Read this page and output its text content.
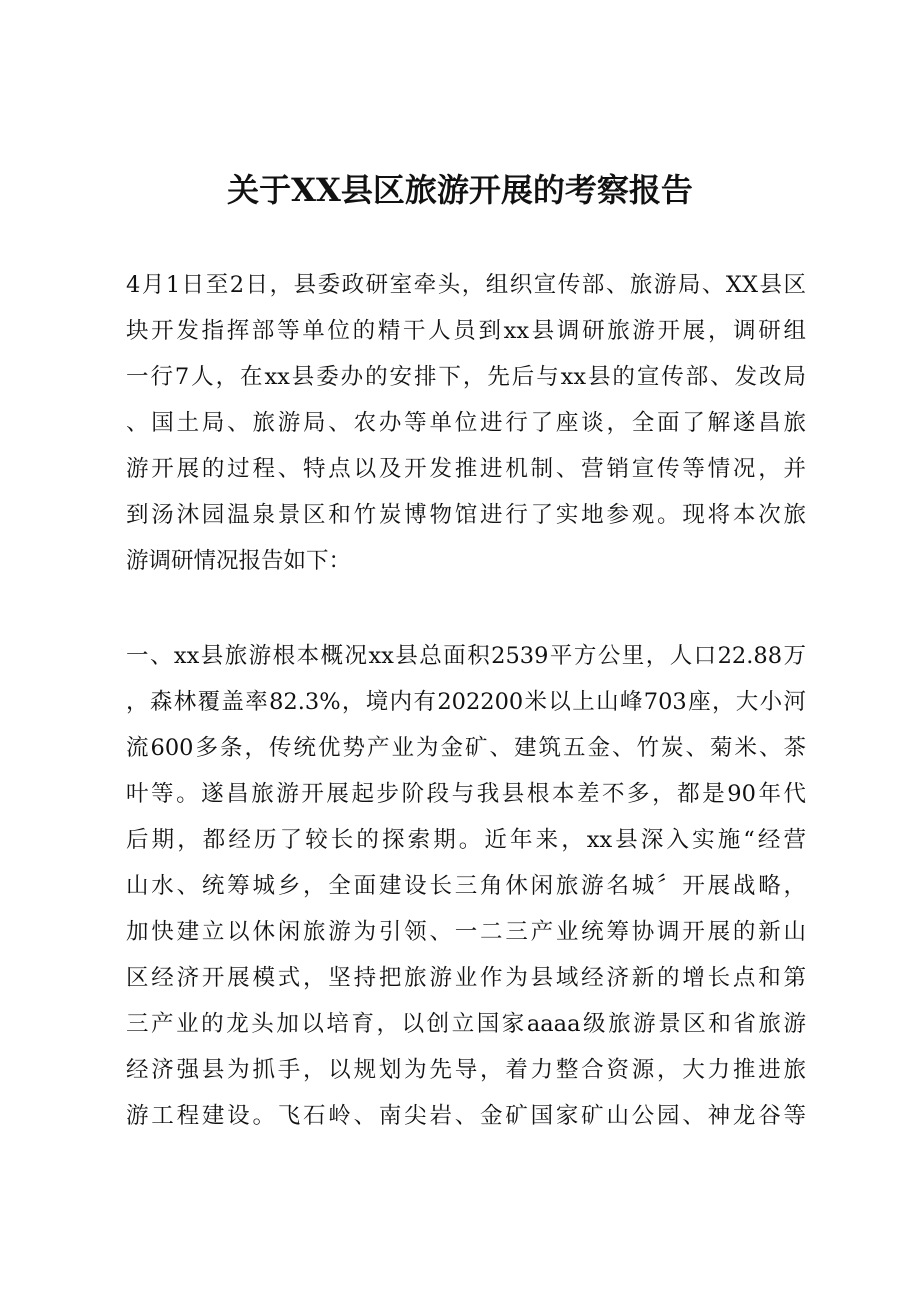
关于XX县区旅游开展的考察报告
4月1日至2日，县委政研室牵头，组织宣传部、旅游局、XX县区
块开发指挥部等单位的精干人员到xx县调研旅游开展，调研组
一行7人，在xx县委办的安排下，先后与xx县的宣传部、发改局
、国土局、旅游局、农办等单位进行了座谈，全面了解遂昌旅
游开展的过程、特点以及开发推进机制、营销宣传等情况，并
到汤沐园温泉景区和竹炭博物馆进行了实地参观。现将本次旅
游调研情况报告如下：
一、xx县旅游根本概况xx县总面积2539平方公里，人口22.88万
，森林覆盖率82.3%，境内有202200米以上山峰703座，大小河
流600多条，传统优势产业为金矿、建筑五金、竹炭、菊米、茶
叶等。遂昌旅游开展起步阶段与我县根本差不多，都是90年代
后期，都经历了较长的探索期。近年来，xx县深入实施“经营
山水、统筹城乡，全面建设长三角休闲旅游名城〞开展战略，
加快建立以休闲旅游为引领、一二三产业统筹协调开展的新山
区经济开展模式，坚持把旅游业作为县域经济新的增长点和第
三产业的龙头加以培育，以创立国家aaaa级旅游景区和省旅游
经济强县为抓手，以规划为先导，着力整合资源，大力推进旅
游工程建设。飞石岭、南尖岩、金矿国家矿山公园、神龙谷等
